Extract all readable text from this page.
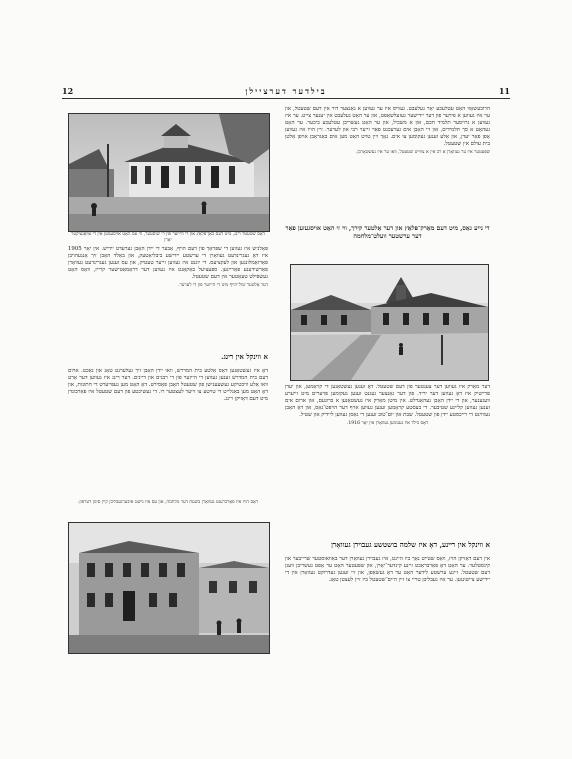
12	בילדער דערציילן	11
דאָס שטעטל רינג, מיט דעם באַן־פּלאַץ און די הייזער פון די שוסטער, ווי עס האָט אויסגעזען אין די צוואַנציקער יאָרן

פּאָלניש איז געווען די שפּראַך פון דעם הויף, אָבער די יידן האָבן גערעדט יידיש. אין יאָר 1905 איז דאָ געגרינדעט געוואָרן די ערשטע יידישע ביבליאָטעק, און באַלד האָבן זיך אָנגעהויבן פאַרזאַמלונגען און לעקציעס. די יוגנט איז געווען זייער טעטיק, און עס זענען געגרינדעט געוואָרן פאַרשידענע פאַריינען. ספּעציעל באַקאַנט איז געווען דער דראַמאַטישער קרייז, וואָס האָט געשפּילט טעאַטער אין דעם שטעטל.

דער אַלטער שול־הויף מיט די הייזער פון די לערער.

א ווינקל אין רינג.

דאָ איז געשטאַנען דאָס אַלטע בית המדרש, וואו יידן האָבן זיך געלערנט טאָג און נאַכט. ארום דעם בית המדרש זענען געווען די הייזער פון די רבנים און דיינים. דער רינג איז געווען דער אָרט וואו אַלע וויכטיקע געשעענישן פון שטעטל האָבן פאַסירט. דאָ האָט מען געפייערט די חתונות, און דאָ האָט מען באַגלייט די טויטע צו זייער לעצטער רו. די געשיכטע פון דעם שטעטל איז פאַרבונדן מיט דעם דאָזיקן רינג.

דאָס הויז איז פאַרברענט געוואָרן בשעת דער מלחמה, און עס איז נישט איבערגעבליבן קיין סימן דערפון.

הרובעשאָוו האָט עטלעכע יאָר געלעבט. געוויס איז ער געווען א גאַנצער דור אין דעם שטעטל, און ער איז געווען א פירער פון דער יידישער געזעלשאַפט, און ער האָט געלעבט אין יענער צייט. ער איז געווען א גרויסער תלמיד חכם, און א משכיל, און ער האָט געשריבן עטלעכע ביכער. ער האָט געהאַט א סך תלמידים, און זיי האָבן אים גערעכנט פאַר זייער רבי און לערער. זיין הויז איז געווען אָפן פאַר יעדן, און אַלע זענען געקומען צו אים. נאָך זיין טויט האָט מען אים באַגראָבן אויפן אַלטן בית עולם אין שטעטל.

שפּעטער איז ער געוואָרן א רב אין א צווייט שטעטל, וואו ער איז געשטאָרבן.

די נייע גאַס, מיט דעם מאַרק־פּלאַץ און דער אַלטער קירך, ווי זי האָט אויסגעזען פאַר דער ערשטער וועלט־מלחמה

דער מאַרק איז געווען דער צענטער פון דעם שטעטל. דאָ זענען געשטאַנען די קראָמען, און יעדן פרייטיק איז דאָ געווען דער יריד. פון דער גאַנצער געגנט זענען געקומען פּויערים מיט זייערע וועגענער, און די יידן האָבן געהאַנדלט. אין מיטן מאַרק איז געשטאַנען א ברונעם, און ארום אים זענען געווען קליינע שטיבער. די בעסטע קראָמען זענען געווען אויף דער הויפּט־גאַס, און דאָ האָבן געוווינט די רייכסטע יידן פון שטעטל. שבת און יום־טוב זענען די גאַסן געווען ליידיק און שטיל.

דאָס בילד איז גענומען געוואָרן אין יאָר 1916.

א ווינקל אין ריינע, דאָ איז שלמה בושטשע געבוירן געוואָרן

אין דעם דאָזיקן הויז, וואָס שטייט נאָך ביז היינט, איז געבוירן געוואָרן דער באַוואוסטער שרייבער און קינסטלער. ער האָט דאָ פאַרבראַכט זיינע קינדער־יאָרן, און שפּעטער האָט ער אָפט געשריבן וועגן דעם שטעטל. זיינע ערשטע לידער האָט ער דאָ געשאַפן, און זיי זענען געדרוקט געוואָרן אין די יידישע צייטונגען. ער איז געבליבן טריי צו זיין היים־שטעטל ביז זיין לעצטן טאָג.
